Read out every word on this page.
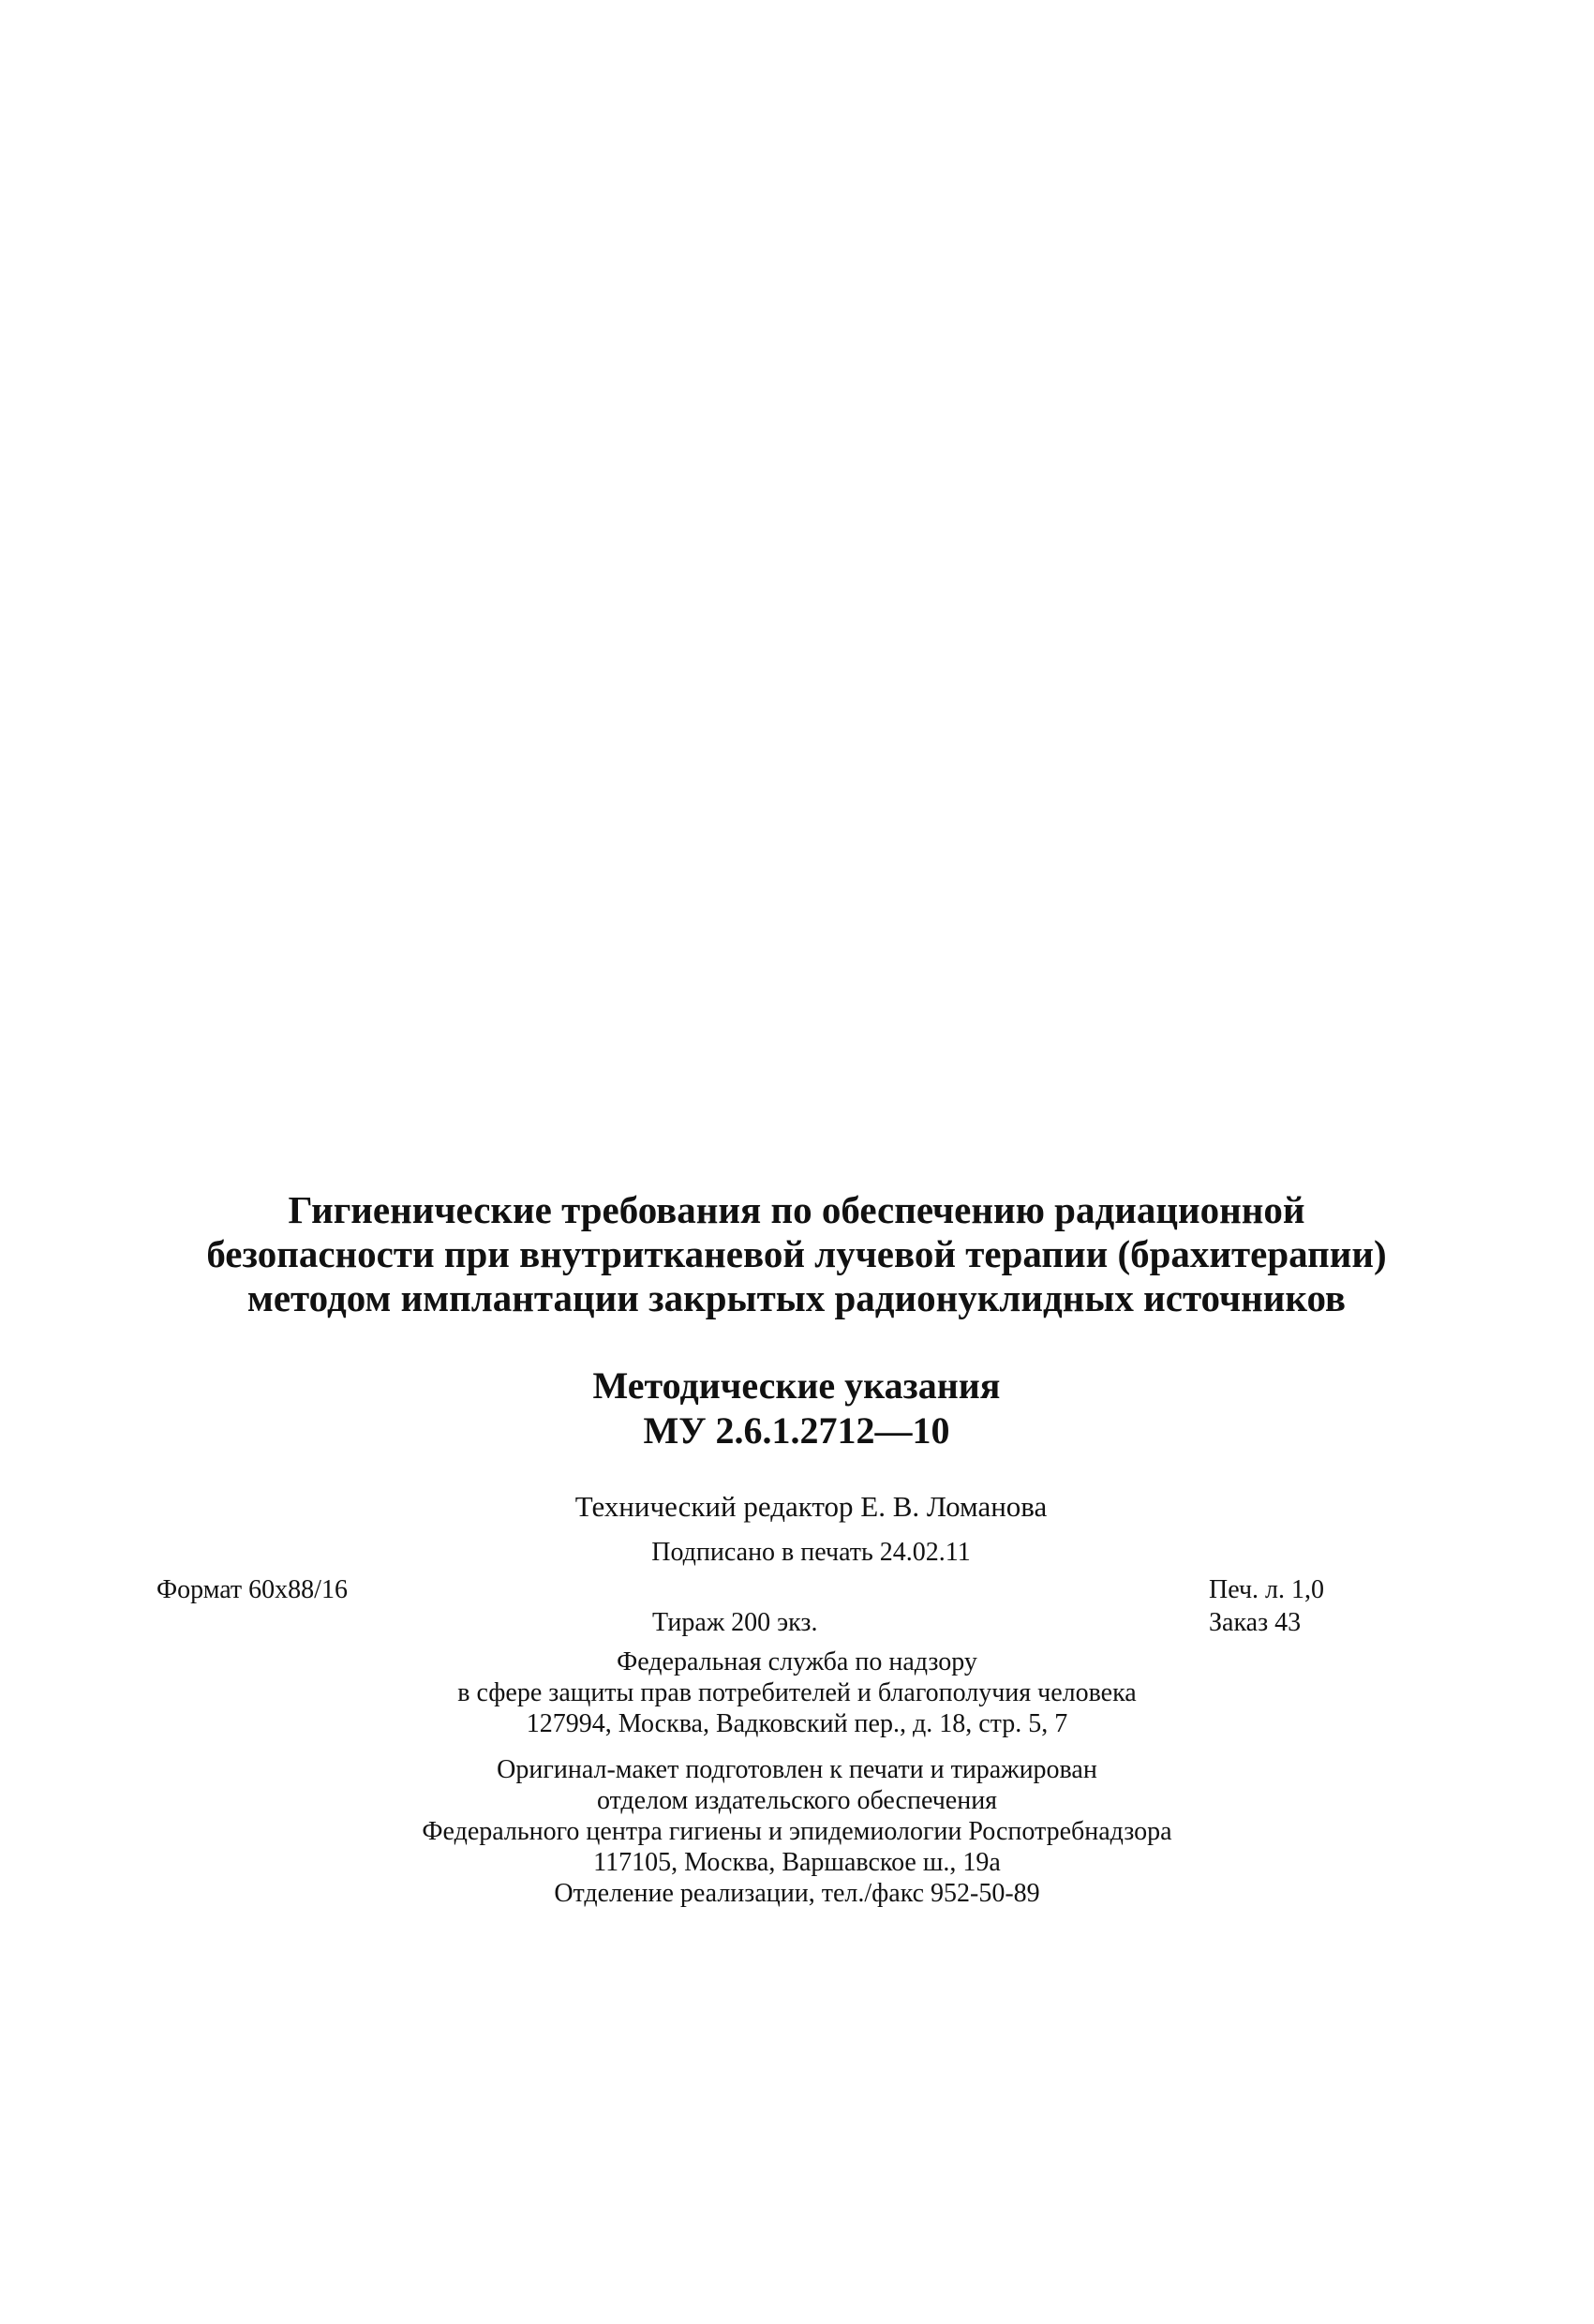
Гигиенические требования по обеспечению радиационной
безопасности при внутритканевой лучевой терапии (брахитерапии)
методом имплантации закрытых радионуклидных источников
Методические указания
МУ 2.6.1.2712—10
Технический редактор Е. В. Ломанова
Подписано в печать 24.02.11
Формат 60x88/16	Печ. л. 1,0
Тираж 200 экз.	Заказ 43
Федеральная служба по надзору
в сфере защиты прав потребителей и благополучия человека
127994, Москва, Вадковский пер., д. 18, стр. 5, 7
Оригинал-макет подготовлен к печати и тиражирован
отделом издательского обеспечения
Федерального центра гигиены и эпидемиологии Роспотребнадзора
117105, Москва, Варшавское ш., 19а
Отделение реализации, тел./факс 952-50-89
